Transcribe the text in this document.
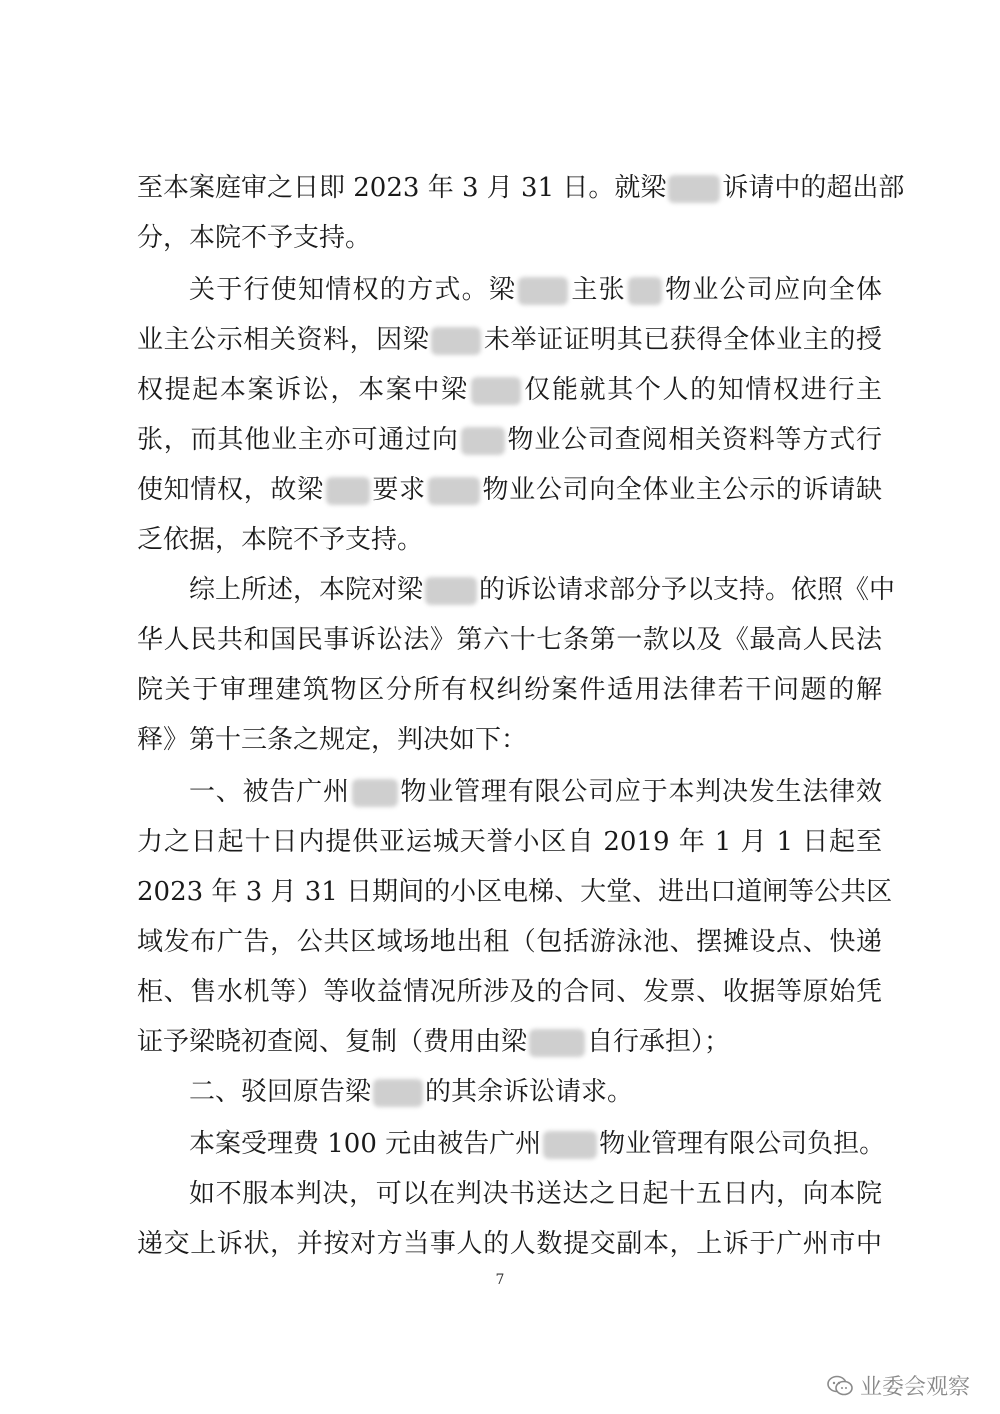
至本案庭审之日即 2023 年 3 月 31 日。就梁 诉请中的超出部
分，本院不予支持。
关于行使知情权的方式。梁 主张 物业公司应向全体
业主公示相关资料，因梁 未举证证明其已获得全体业主的授
权提起本案诉讼，本案中梁 仅能就其个人的知情权进行主
张，而其他业主亦可通过向 物业公司查阅相关资料等方式行
使知情权，故梁 要求 物业公司向全体业主公示的诉请缺
乏依据，本院不予支持。
综上所述，本院对梁 的诉讼请求部分予以支持。依照《中
华人民共和国民事诉讼法》第六十七条第一款以及《最高人民法
院关于审理建筑物区分所有权纠纷案件适用法律若干问题的解
释》第十三条之规定，判决如下：
一、被告广州 物业管理有限公司应于本判决发生法律效
力之日起十日内提供亚运城天誉小区自 2019 年 1 月 1 日起至
2023 年 3 月 31 日期间的小区电梯、大堂、进出口道闸等公共区
域发布广告，公共区域场地出租（包括游泳池、摆摊设点、快递
柜、售水机等）等收益情况所涉及的合同、发票、收据等原始凭
证予梁晓初查阅、复制（费用由梁 自行承担）；
二、驳回原告梁 的其余诉讼请求。
本案受理费 100 元由被告广州 物业管理有限公司负担。
如不服本判决，可以在判决书送达之日起十五日内，向本院
递交上诉状，并按对方当事人的人数提交副本，上诉于广州市中
7
业委会观察
